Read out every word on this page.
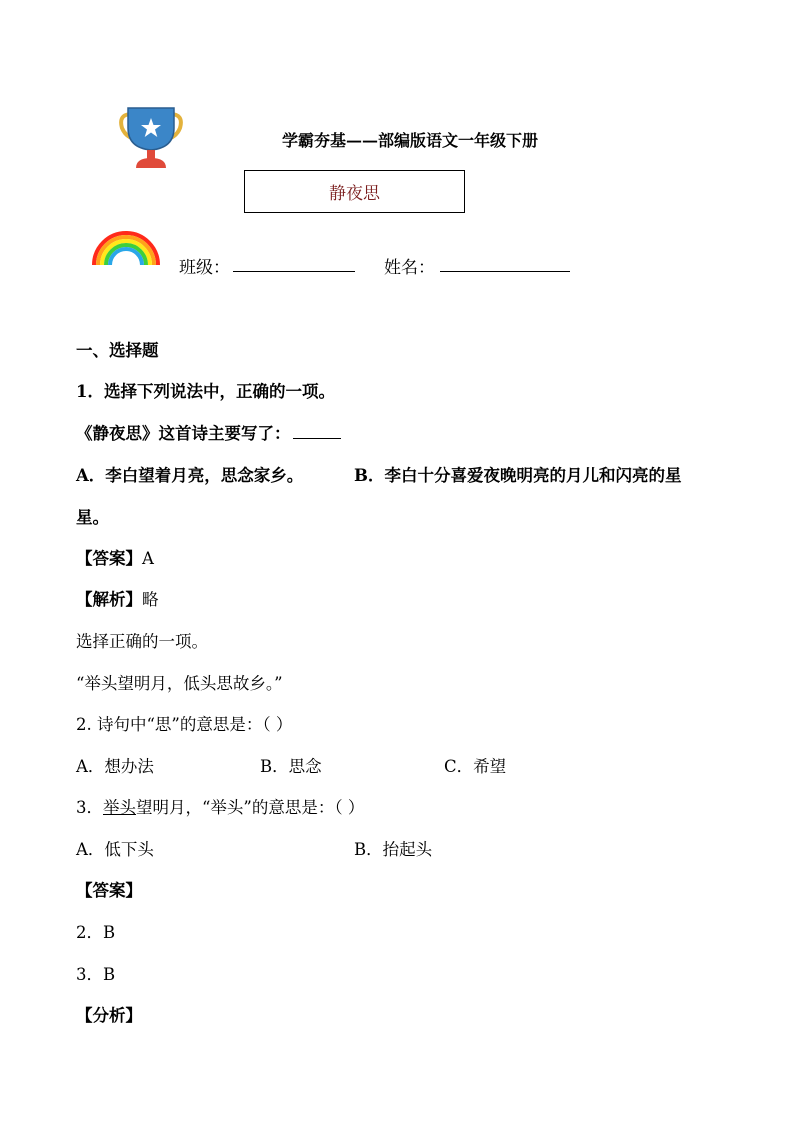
学霸夯基——部编版语文一年级下册
静夜思
班级：	姓名：
一、选择题
1．选择下列说法中，正确的一项。
《静夜思》这首诗主要写了：
A．李白望着月亮，思念家乡。	B．李白十分喜爱夜晚明亮的月儿和闪亮的星
星。
【答案】A
【解析】略
选择正确的一项。
“举头望明月，低头思故乡。”
2. 诗句中“思”的意思是：（ ）
A．想办法	B．思念	C．希望
3．举头望明月，“举头”的意思是：（ ）
A．低下头	B．抬起头
【答案】
2．B
3．B
【分析】
